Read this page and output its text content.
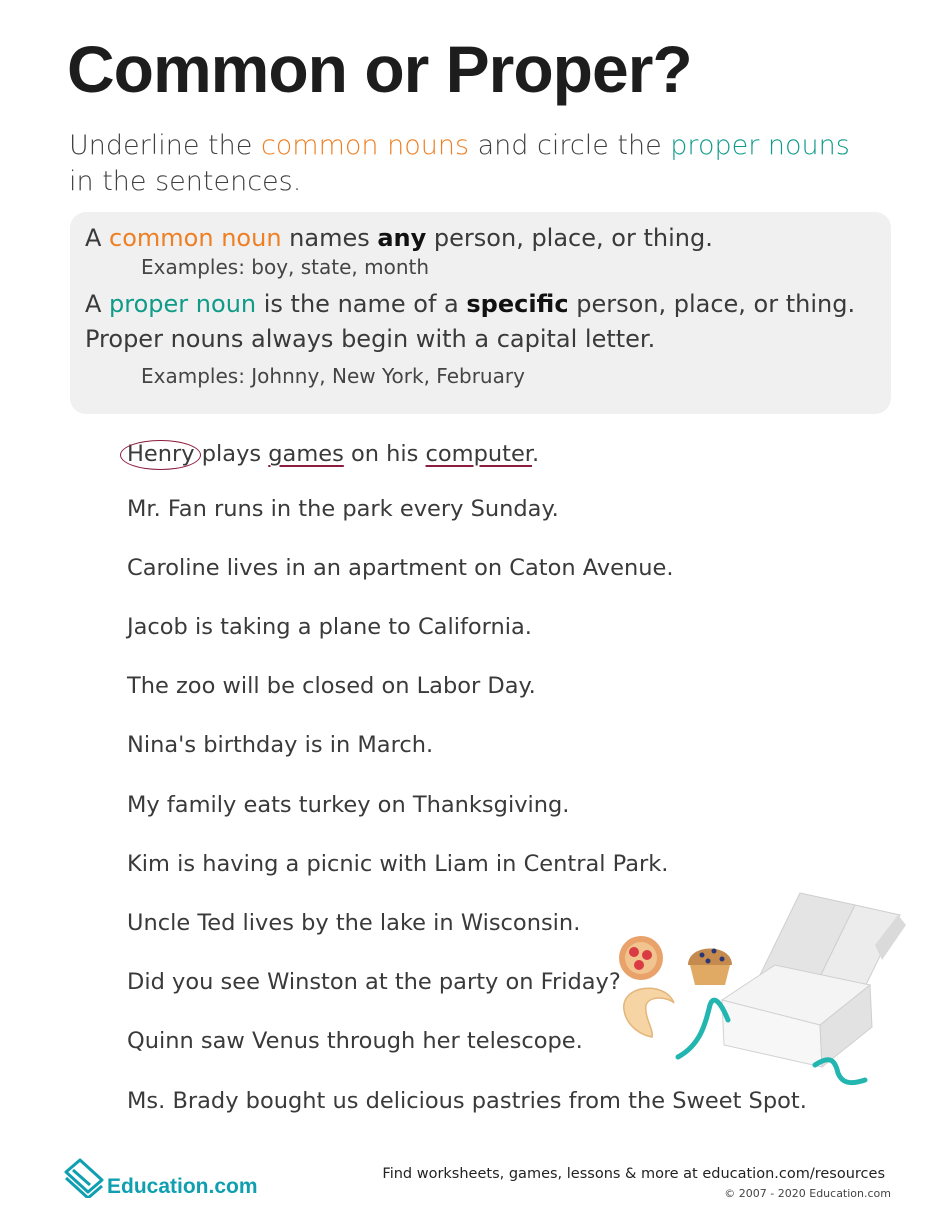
Common or Proper?
Underline the common nouns and circle the proper nouns in the sentences.
A common noun names any person, place, or thing.
Examples: boy, state, month
A proper noun is the name of a specific person, place, or thing.
Proper nouns always begin with a capital letter.
Examples: Johnny, New York, February
Henry plays games on his computer.
Mr. Fan runs in the park every Sunday.
Caroline lives in an apartment on Caton Avenue.
Jacob is taking a plane to California.
The zoo will be closed on Labor Day.
Nina's birthday is in March.
My family eats turkey on Thanksgiving.
Kim is having a picnic with Liam in Central Park.
Uncle Ted lives by the lake in Wisconsin.
Did you see Winston at the party on Friday?
Quinn saw Venus through her telescope.
Ms. Brady bought us delicious pastries from the Sweet Spot.
Education.com
Find worksheets, games, lessons & more at education.com/resources
© 2007 - 2020 Education.com
